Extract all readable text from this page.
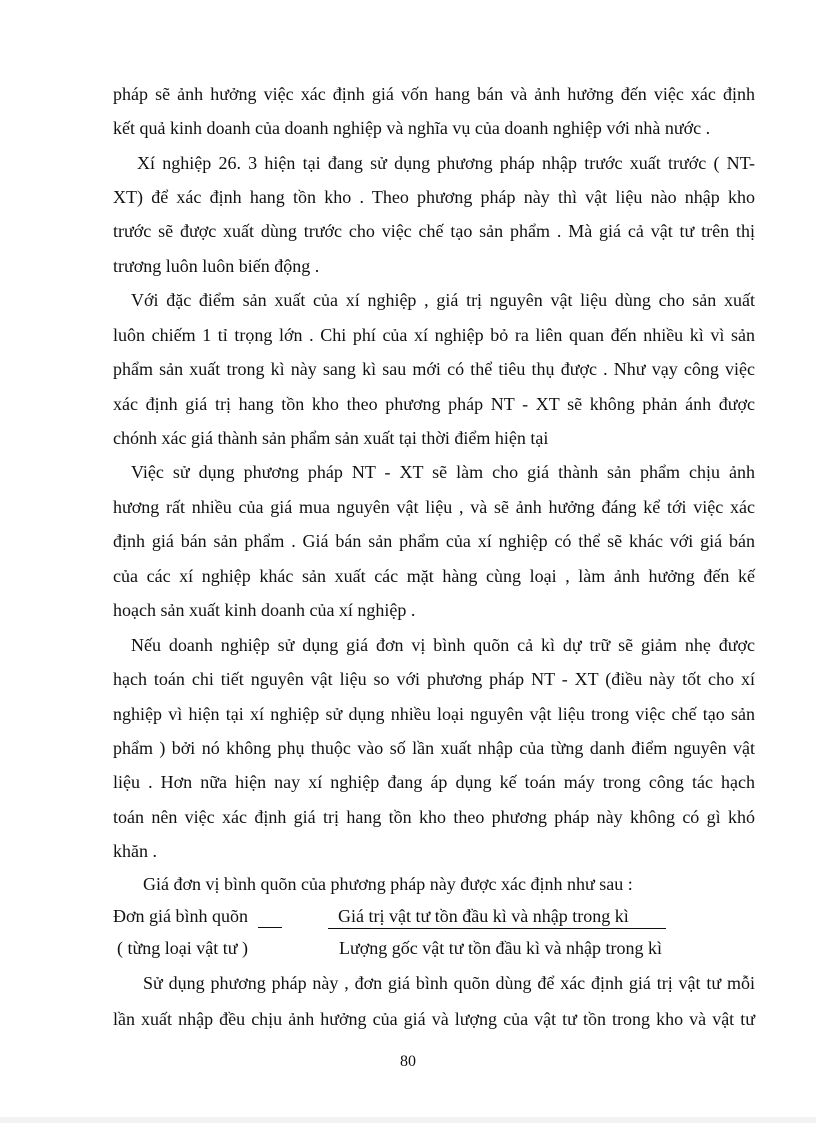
pháp sẽ ảnh hưởng việc xác định giá vốn hang bán và ảnh hưởng đến việc xác định
kết quả kinh doanh của doanh nghiệp và nghĩa vụ của doanh nghiệp với nhà nước .
Xí nghiệp 26. 3 hiện tại đang sử dụng phương pháp nhập trước xuất trước ( NT-
XT) để xác định hang tồn kho . Theo phương pháp này thì vật liệu nào nhập kho
trước sẽ được xuất dùng trước cho việc chế tạo sản phẩm . Mà giá cả vật tư trên thị
trương luôn luôn biến động .
Với đặc điểm sản xuất của xí nghiệp , giá trị nguyên vật liệu dùng cho sản xuất
luôn chiếm 1 tỉ trọng lớn . Chi phí của xí nghiệp bỏ ra liên quan đến nhiều kì vì sản
phẩm sản xuất trong kì này sang kì sau mới có thể tiêu thụ được . Như vạy công việc
xác định giá trị hang tồn kho theo phương pháp NT - XT sẽ không phản ánh được
chónh xác giá thành sản phẩm sản xuất tại thời điểm hiện tại
Việc sử dụng phương pháp NT - XT sẽ làm cho giá thành sản phẩm chịu ảnh
hương rất nhiều của giá mua nguyên vật liệu , và sẽ ảnh hưởng đáng kể tới việc xác
định giá bán sản phẩm . Giá bán sản phẩm của xí nghiệp có thể sẽ khác với giá bán
của các xí nghiệp khác sản xuất các mặt hàng cùng loại , làm ảnh hưởng đến kế
hoạch sản xuất kinh doanh của xí nghiệp .
Nếu doanh nghiệp sử dụng giá đơn vị bình quõn cả kì dự trữ sẽ giảm nhẹ được
hạch toán chi tiết nguyên vật liệu so với phương pháp NT - XT (điều này tốt cho xí
nghiệp vì hiện tại xí nghiệp sử dụng nhiều loại nguyên vật liệu trong việc chế tạo sản
phẩm ) bởi nó không phụ thuộc vào số lần xuất nhập của từng danh điểm nguyên vật
liệu . Hơn nữa hiện nay xí nghiệp đang áp dụng kế toán máy trong công tác hạch
toán nên việc xác định giá trị hang tồn kho theo phương pháp này không có gì khó
khăn .
Giá đơn vị bình quõn của phương pháp này được xác định như sau :
Đơn giá bình quõn
( từng loại vật tư )
Giá trị vật tư tồn đầu kì và nhập trong kì
Lượng gốc vật tư tồn đầu kì và nhập trong kì
Sử dụng phương pháp này , đơn giá bình quõn dùng để xác định giá trị vật tư mỗi
lần xuất nhập đều chịu ảnh hưởng của giá và lượng của vật tư tồn trong kho và vật tư
80
